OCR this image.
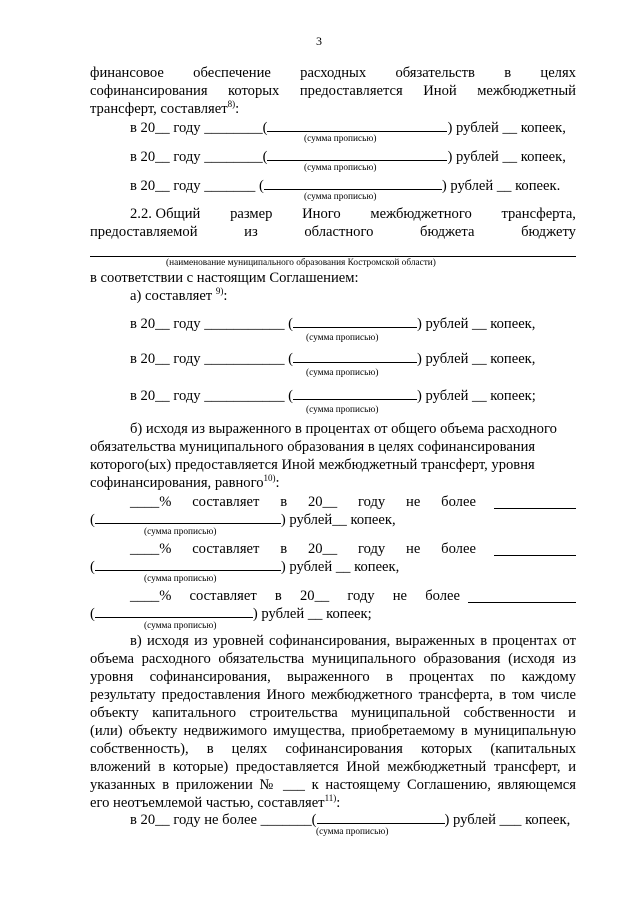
3
финансовое обеспечение расходных обязательств в целях
софинансирования которых предоставляется Иной межбюджетный
трансферт, составляет$^{8)}$:
в 20__ году ________(	) рублей __ копеек,
(сумма прописью)
в 20__ году ________(	) рублей __ копеек,
(сумма прописью)
в 20__ году _______ (	) рублей __ копеек.
(сумма прописью)
2.2. Общий размер Иного межбюджетного трансферта,
предоставляемой	из	областного	бюджета	бюджету
(наименование муниципального образования Костромской области)
в соответствии с настоящим Соглашением:
а) составляет $^{9)}$:
в 20__ году ___________ (	) рублей __ копеек,
(сумма прописью)
в 20__ году ___________ (	) рублей __ копеек,
(сумма прописью)
в 20__ году ___________ (	) рублей __ копеек;
(сумма прописью)
б) исходя из выраженного в процентах от общего объема расходного
обязательства муниципального образования в целях софинансирования
которого(ых) предоставляется Иной межбюджетный трансферт, уровня
софинансирования, равного$^{10)}$:
____% составляет в 20__ году не более
(	) рублей__ копеек,
(сумма прописью)
____% составляет в 20__ году не более
(	) рублей __ копеек,
(сумма прописью)
____% составляет в 20__ году не более
(	) рублей __ копеек;
(сумма прописью)
в) исходя из уровней софинансирования, выраженных в процентах от
объема расходного обязательства муниципального образования (исходя из
уровня софинансирования, выраженного в процентах по каждому
результату предоставления Иного межбюджетного трансферта, в том числе
объекту капитального строительства муниципальной собственности и
(или) объекту недвижимого имущества, приобретаемому в муниципальную
собственность), в целях софинансирования которых (капитальных
вложений в которые) предоставляется Иной межбюджетный трансферт, и
указанных в приложении № ___ к настоящему Соглашению, являющемся
его неотъемлемой частью, составляет$^{11)}$:
в 20__ году не более _______(	) рублей ___ копеек,
(сумма прописью)
